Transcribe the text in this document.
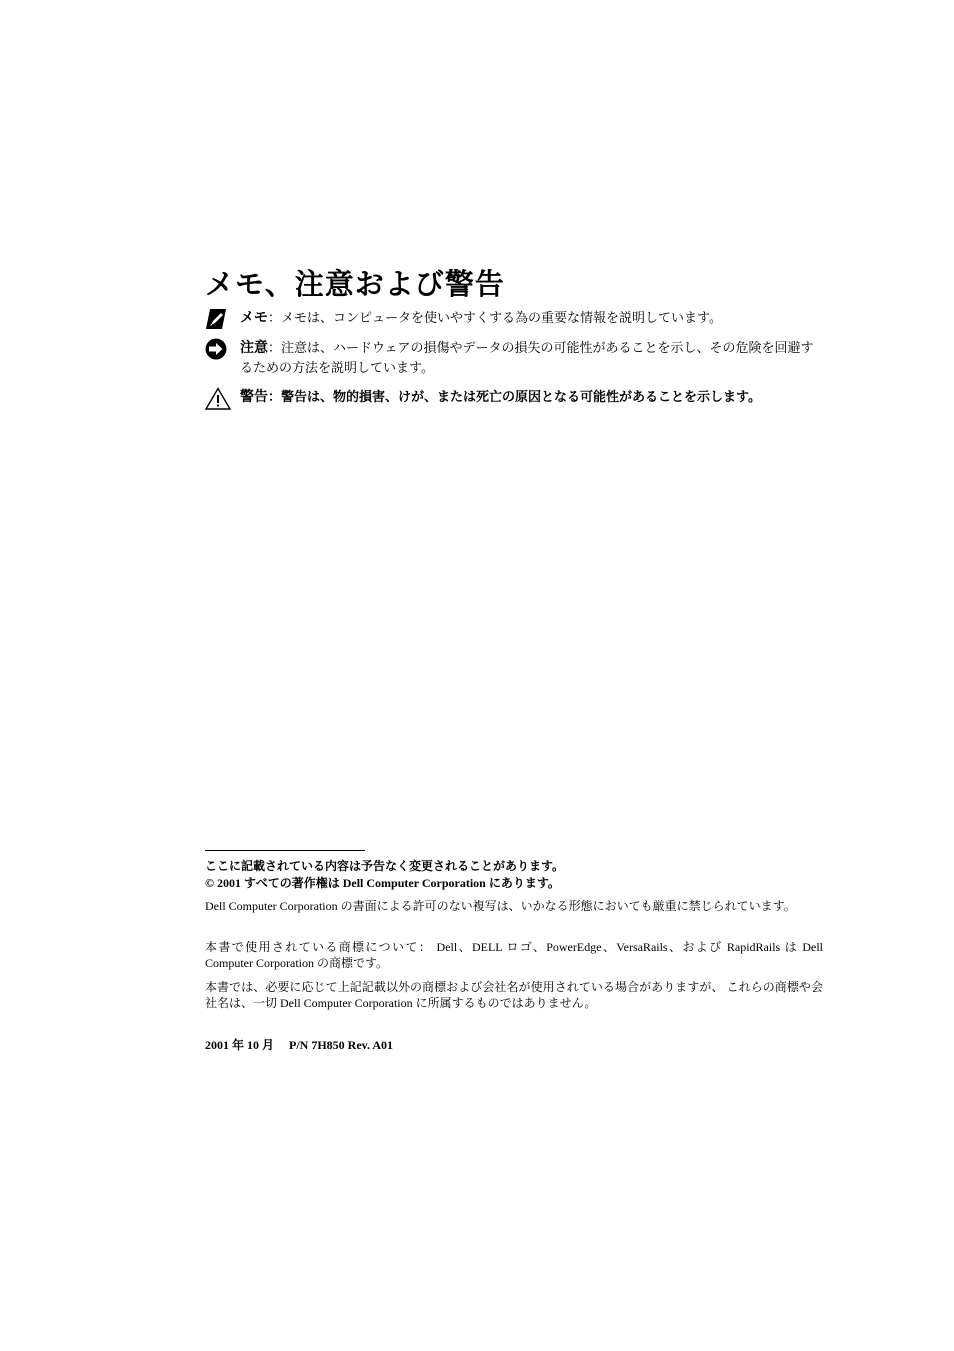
メモ、注意および警告
メモ：メモは、コンピュータを使いやすくする為の重要な情報を説明しています。
注意：注意は、ハードウェアの損傷やデータの損失の可能性があることを示し、その危険を回避するための方法を説明しています。
警告：警告は、物的損害、けが、または死亡の原因となる可能性があることを示します。
ここに記載されている内容は予告なく変更されることがあります。
© 2001 すべての著作権は Dell Computer Corporation にあります。
Dell Computer Corporation の書面による許可のない複写は、いかなる形態においても厳重に禁じられています。
本書で使用されている商標について： Dell、DELL ロゴ、PowerEdge、VersaRails、および RapidRails は Dell Computer Corporation の商標です。
本書では、必要に応じて上記記載以外の商標および会社名が使用されている場合がありますが、 これらの商標や会社名は、一切 Dell Computer Corporation に所属するものではありません。
2001 年 10 月　 P/N 7H850 Rev. A01
